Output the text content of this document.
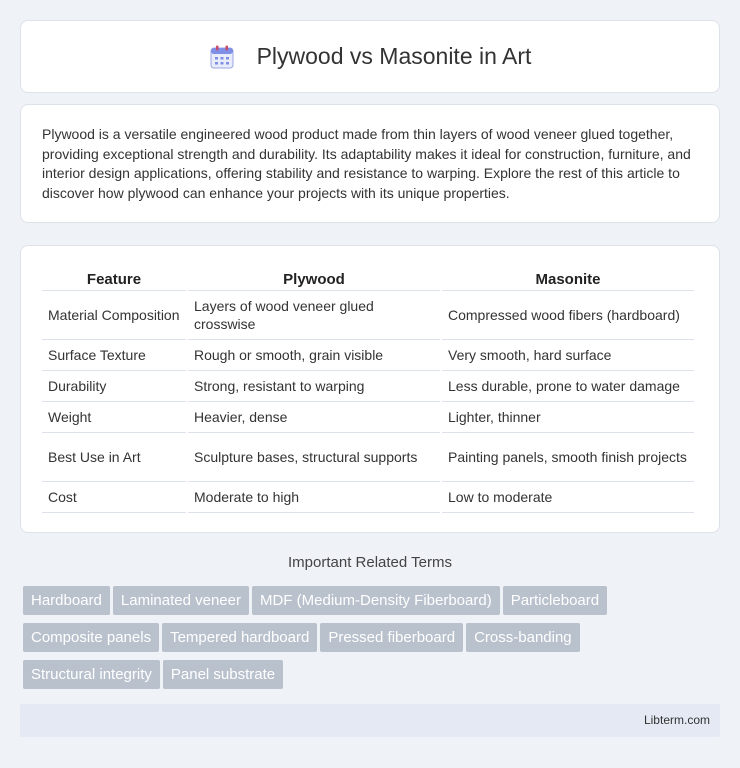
Plywood vs Masonite in Art

Plywood is a versatile engineered wood product made from thin layers of wood veneer glued together, providing exceptional strength and durability. Its adaptability makes it ideal for construction, furniture, and interior design applications, offering stability and resistance to warping. Explore the rest of this article to discover how plywood can enhance your projects with its unique properties.

Feature	Plywood	Masonite
Material Composition	Layers of wood veneer glued crosswise	Compressed wood fibers (hardboard)
Surface Texture	Rough or smooth, grain visible	Very smooth, hard surface
Durability	Strong, resistant to warping	Less durable, prone to water damage
Weight	Heavier, dense	Lighter, thinner
Best Use in Art	Sculpture bases, structural supports	Painting panels, smooth finish projects
Cost	Moderate to high	Low to moderate
Important Related Terms
Hardboard Laminated veneer MDF (Medium-Density Fiberboard) Particleboard
Composite panels Tempered hardboard Pressed fiberboard Cross-banding
Structural integrity Panel substrate
Libterm.com
